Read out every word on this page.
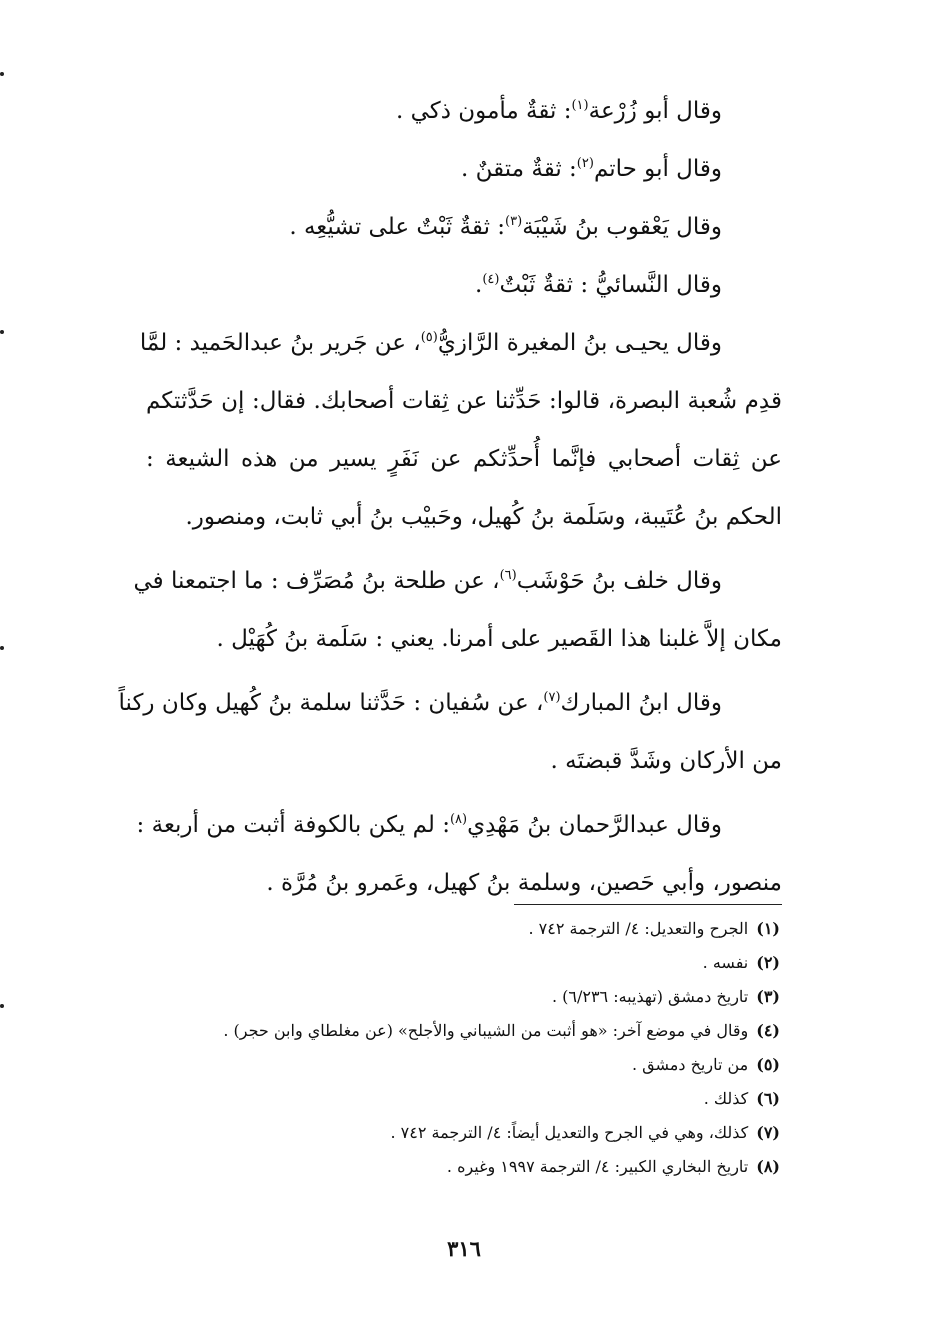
وقال أبو زُرْعة$^{(١)}$: ثقةٌ مأمون ذكي .
وقال أبو حاتم$^{(٢)}$: ثقةٌ متقنٌ .
وقال يَعْقوب بنُ شَيْبَة$^{(٣)}$: ثقةٌ ثَبْتٌ على تشيُّعِه .
وقال النَّسائيُّ : ثقةٌ ثَبْتٌ$^{(٤)}$.
وقال يحيـى بنُ المغيرة الرَّازيُّ$^{(٥)}$، عن جَرير بنُ عبدالحَميد : لمَّا
قدِم شُعبة البصرة، قالوا: حَدِّثنا عن ثِقات أصحابك. فقال: إن حَدَّثتكم
عن ثِقات أصحابي فإنَّما أُحدِّثكم عن نَفَرٍ يسير من هذه الشيعة :
الحكم بنُ عُتَيبة، وسَلَمة بنُ كُهيل، وحَبيْب بنُ أبي ثابت، ومنصور.
وقال خلف بنُ حَوْشَب$^{(٦)}$، عن طلحة بنُ مُصَرِّف : ما اجتمعنا في
مكان إلاَّ غلبنا هذا القَصير على أمرنا. يعني : سَلَمة بنُ كُهَيْل .
وقال ابنُ المبارك$^{(٧)}$، عن سُفيان : حَدَّثنا سلمة بنُ كُهيل وكان ركناً
من الأركان وشَدَّ قبضتَه .
وقال عبدالرَّحمان بنُ مَهْدِي$^{(٨)}$: لم يكن بالكوفة أثبت من أربعة :
منصور، وأبي حَصين، وسلمة بنُ كهيل، وعَمرو بنُ مُرَّة .
(١)الجرح والتعديل: ٤/ الترجمة ٧٤٢ .
(٢)نفسه .
(٣)تاريخ دمشق (تهذيبه: ٦/٢٣٦) .
(٤)وقال في موضع آخر: «هو أثبت من الشيباني والأجلح» (عن مغلطاي وابن حجر) .
(٥)من تاريخ دمشق .
(٦)كذلك .
(٧)كذلك، وهي في الجرح والتعديل أيضاً: ٤/ الترجمة ٧٤٢ .
(٨)تاريخ البخاري الكبير: ٤/ الترجمة ١٩٩٧ وغيره .
٣١٦
